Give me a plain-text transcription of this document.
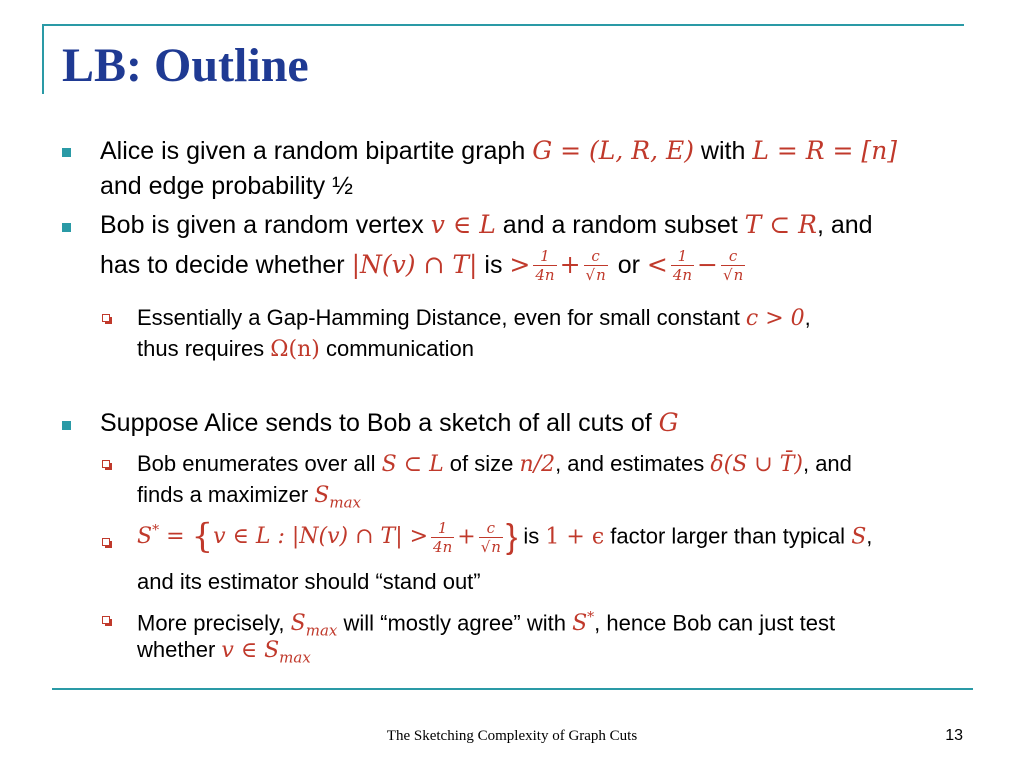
LB: Outline
Alice is given a random bipartite graph G = (L, R, E) with L = R = [n]
and edge probability ½
Bob is given a random vertex v ∈ L and a random subset T ⊂ R, and
has to decide whether |N(v) ∩ T| is > $\frac{1}{4n} + \frac{c}{√n}$ or < $\frac{1}{4n} - \frac{c}{√n}$
Essentially a Gap-Hamming Distance, even for small constant c > 0,
thus requires Ω(n) communication
Suppose Alice sends to Bob a sketch of all cuts of G
Bob enumerates over all S ⊂ L of size n/2, and estimates δ(S ∪ T̄), and
finds a maximizer $S_{max}$
S* = {v ∈ L : |N(v) ∩ $T| > \frac{1}{4n} + \frac{c}{√n}$ } is 1 + ϵ factor larger than typical S,
and its estimator should “stand out”
More precisely, $S_{max}$ will “mostly agree” with S*, hence Bob can just test
whether v ∈ $S_{max}$
The Sketching Complexity of Graph Cuts	13
